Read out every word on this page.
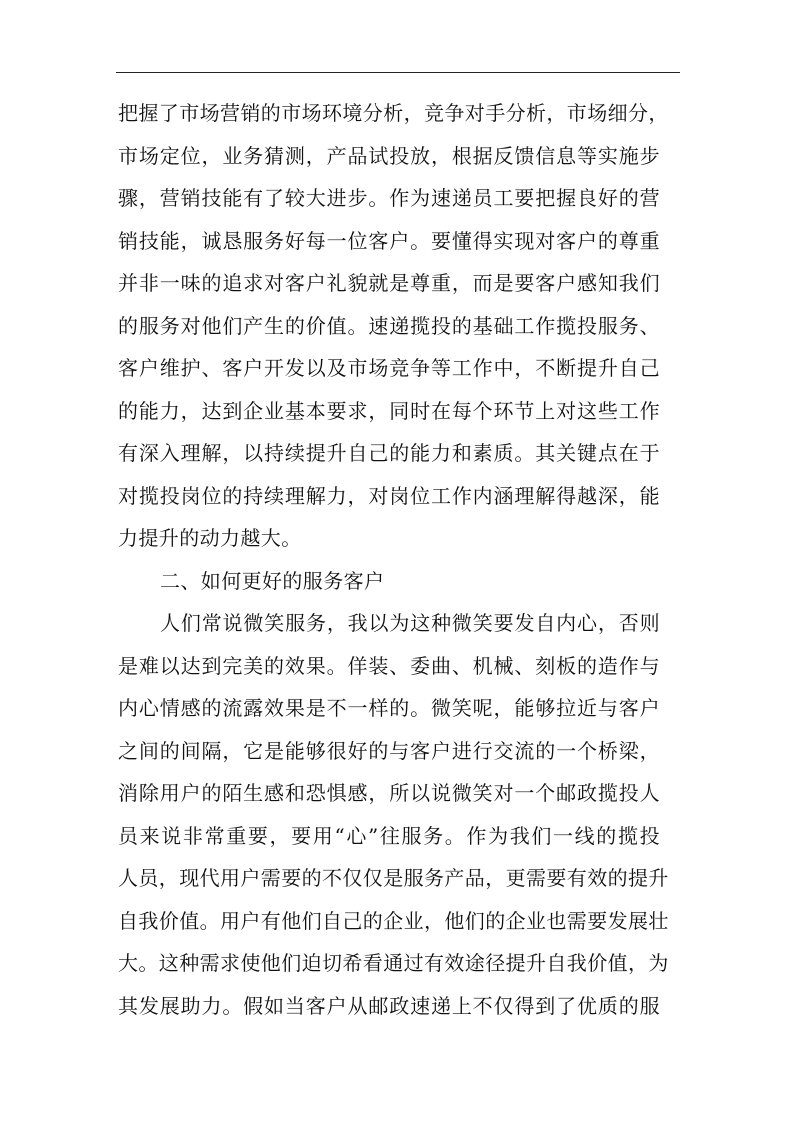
把握了市场营销的市场环境分析，竞争对手分析，市场细分，
市场定位，业务猜测，产品试投放，根据反馈信息等实施步
骤，营销技能有了较大进步。作为速递员工要把握良好的营
销技能，诚恳服务好每一位客户。要懂得实现对客户的尊重
并非一味的追求对客户礼貌就是尊重，而是要客户感知我们
的服务对他们产生的价值。速递揽投的基础工作揽投服务、
客户维护、客户开发以及市场竞争等工作中，不断提升自己
的能力，达到企业基本要求，同时在每个环节上对这些工作
有深入理解，以持续提升自己的能力和素质。其关键点在于
对揽投岗位的持续理解力，对岗位工作内涵理解得越深，能
力提升的动力越大。
二、如何更好的服务客户
人们常说微笑服务，我以为这种微笑要发自内心，否则
是难以达到完美的效果。佯装、委曲、机械、刻板的造作与
内心情感的流露效果是不一样的。微笑呢，能够拉近与客户
之间的间隔，它是能够很好的与客户进行交流的一个桥梁，
消除用户的陌生感和恐惧感，所以说微笑对一个邮政揽投人
员来说非常重要，要用“心”往服务。作为我们一线的揽投
人员，现代用户需要的不仅仅是服务产品，更需要有效的提升
自我价值。用户有他们自己的企业，他们的企业也需要发展壮
大。这种需求使他们迫切希看通过有效途径提升自我价值，为
其发展助力。假如当客户从邮政速递上不仅得到了优质的服
